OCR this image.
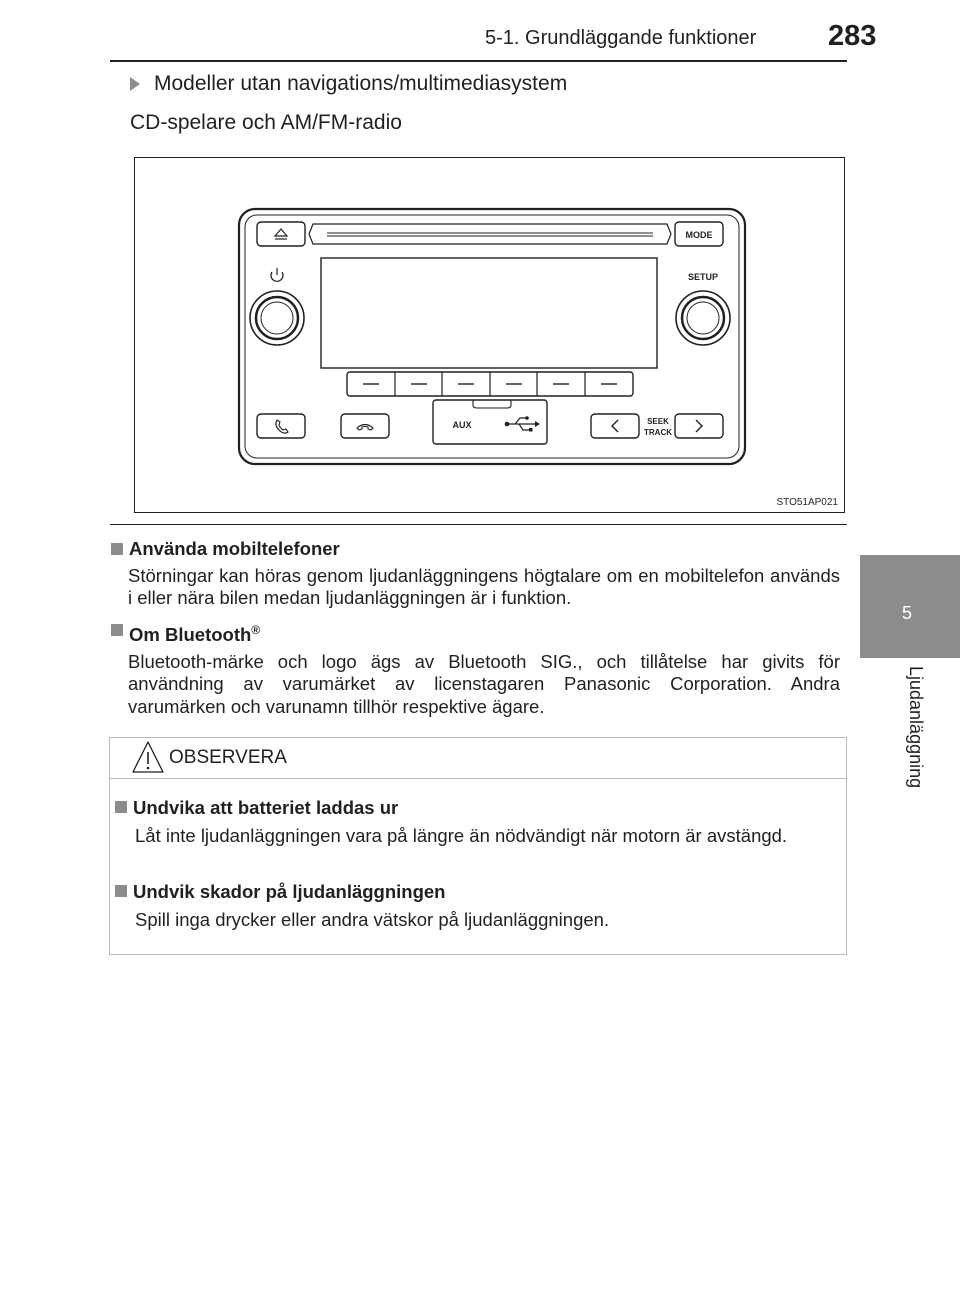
5-1. Grundläggande funktioner 283
5
Ljudanläggning
Modeller utan navigations/multimediasystem
CD-spelare och AM/FM-radio
MODE
SETUP
AUX	SEEK
TRACK
STO51AP021
Använda mobiltelefoner
Störningar kan höras genom ljudanläggningens högtalare om en mobiltelefon används i eller nära bilen medan ljudanläggningen är i funktion.
Om Bluetooth®
Bluetooth-märke och logo ägs av Bluetooth SIG., och tillåtelse har givits för användning av varumärket av licenstagaren Panasonic Corporation. Andra varumärken och varunamn tillhör respektive ägare.
OBSERVERA
Undvika att batteriet laddas ur
Låt inte ljudanläggningen vara på längre än nödvändigt när motorn är avstängd.
Undvik skador på ljudanläggningen
Spill inga drycker eller andra vätskor på ljudanläggningen.
